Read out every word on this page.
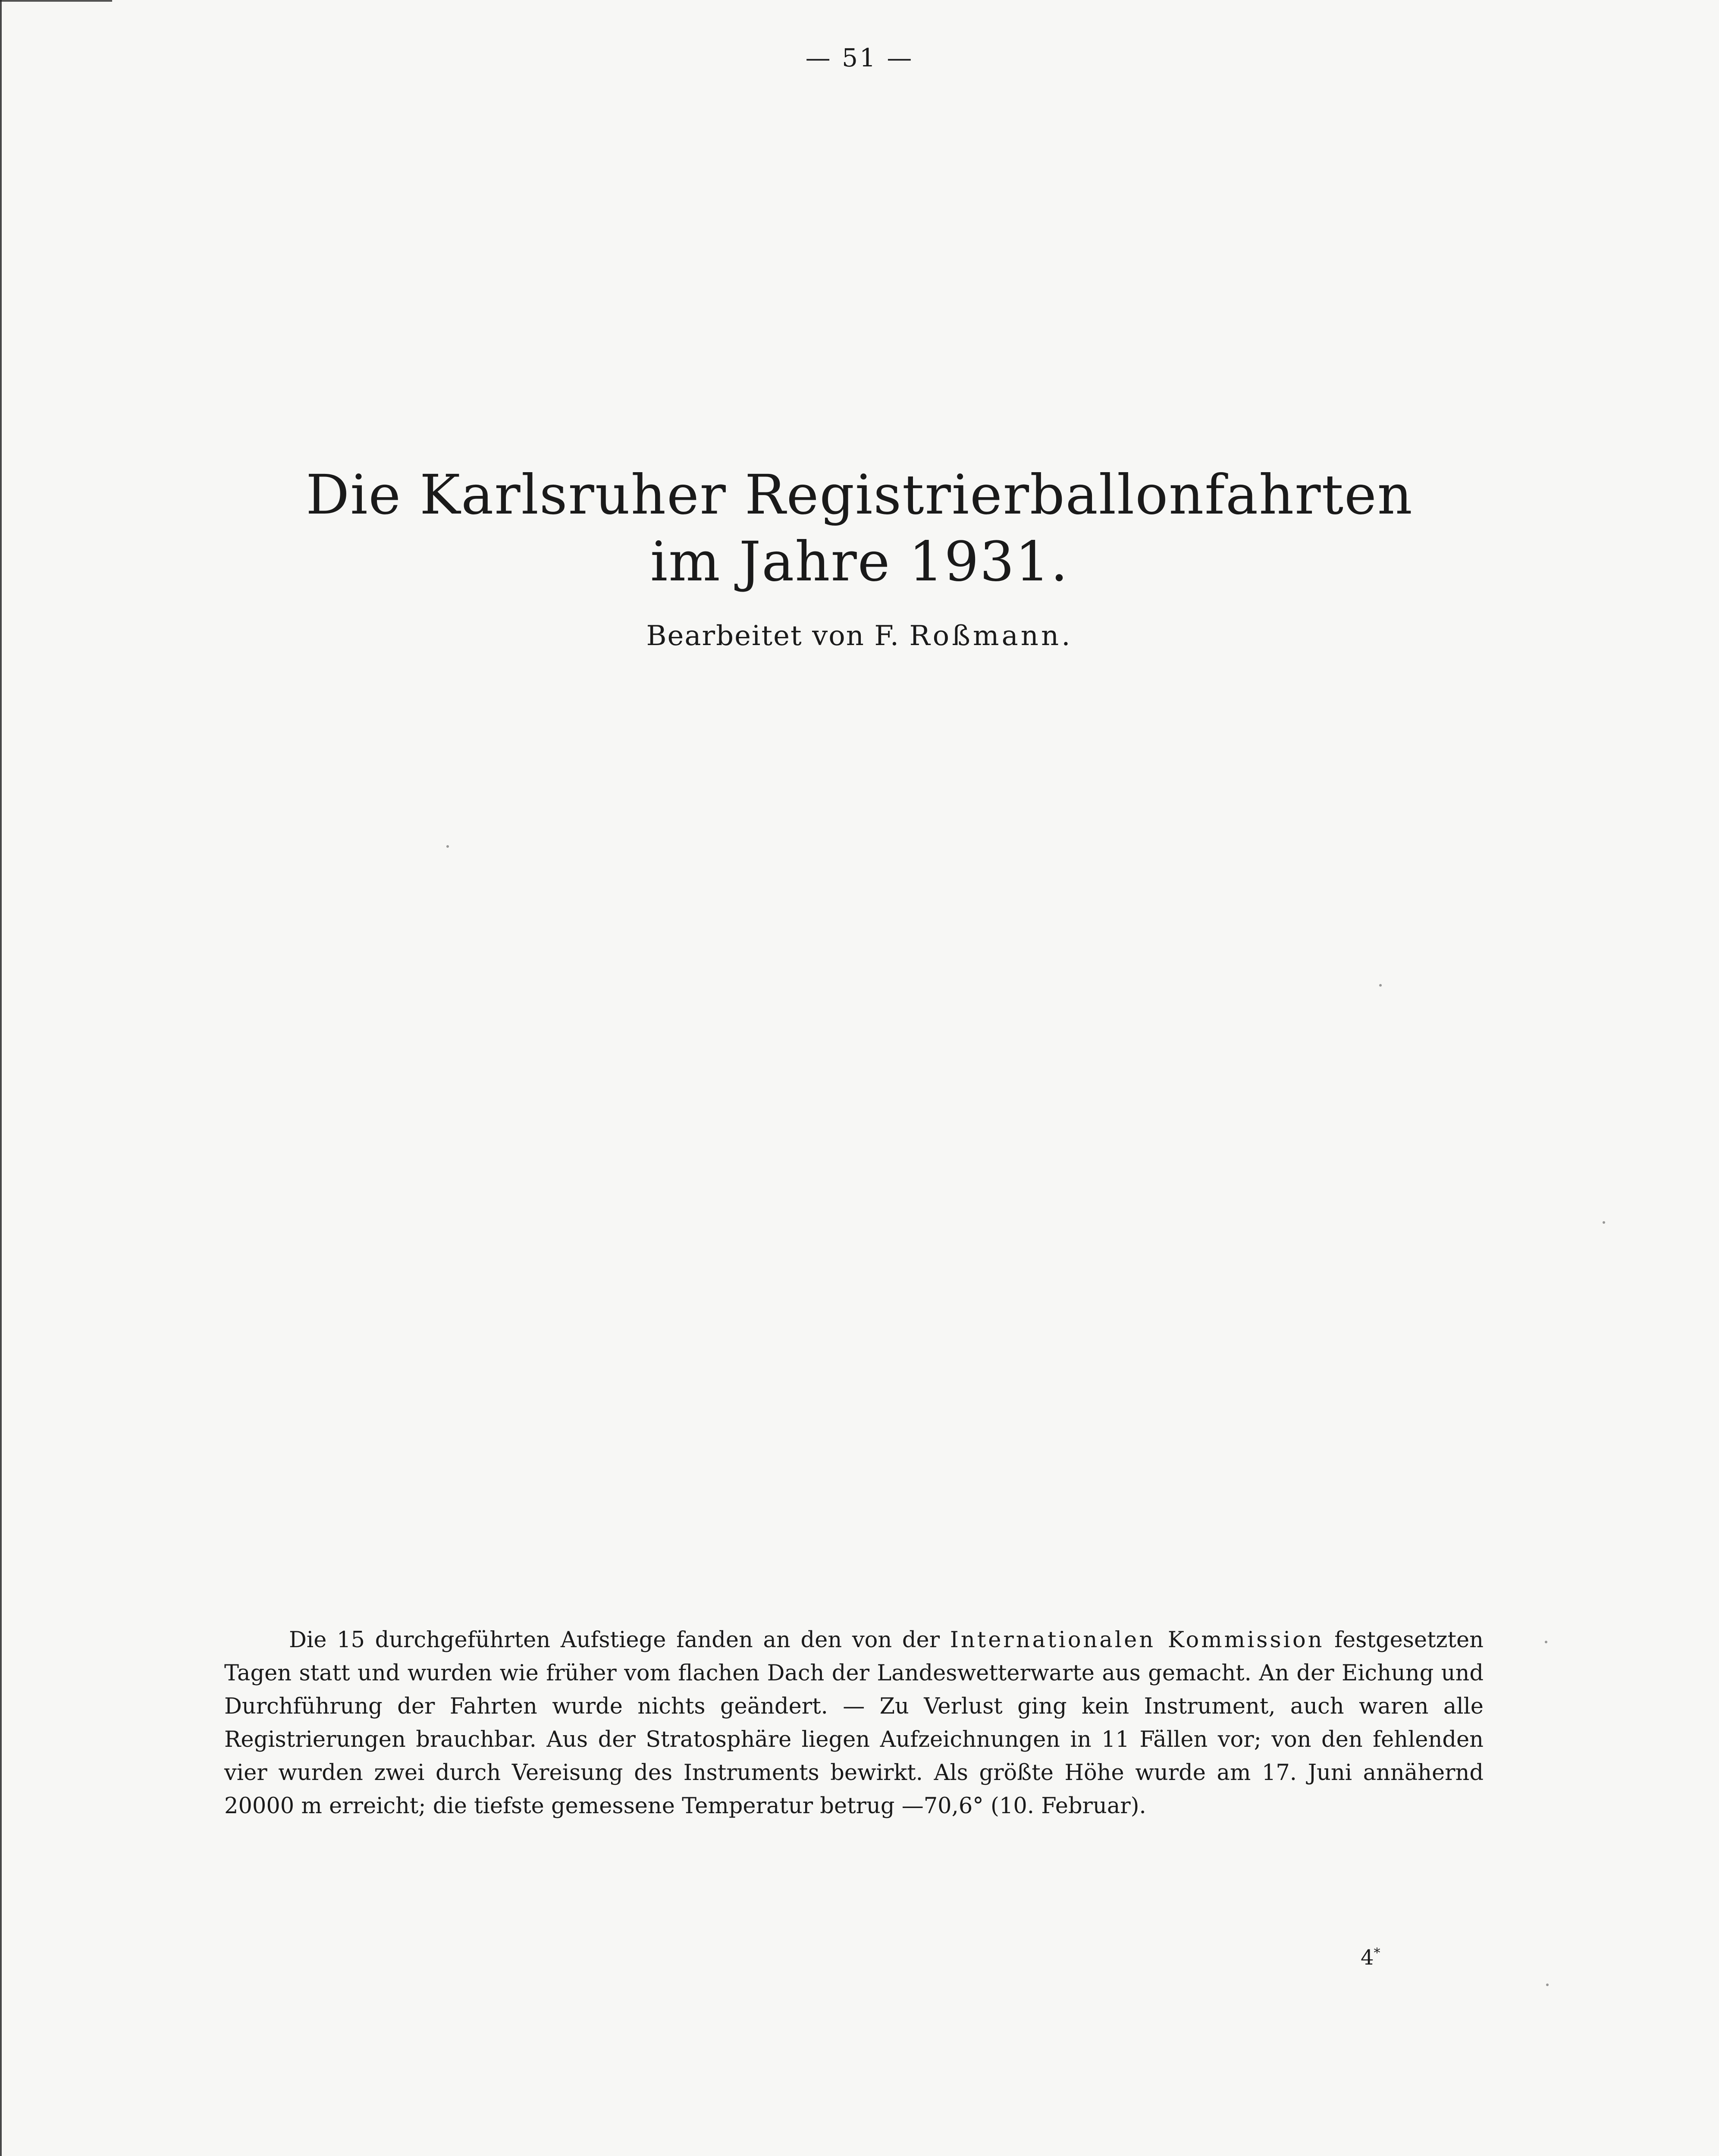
— 51 —
Die Karlsruher Registrierballonfahrten
im Jahre 1931.
Bearbeitet von F. Roßmann.
Die 15 durchgeführten Aufstiege fanden an den von der Internationalen Kommission festgesetzten Tagen statt und wurden wie früher vom flachen Dach der Landeswetterwarte aus gemacht. An der Eichung und Durchführung der Fahrten wurde nichts geändert. — Zu Verlust ging kein Instrument, auch waren alle Registrierungen brauchbar. Aus der Stratosphäre liegen Aufzeichnungen in 11 Fällen vor; von den fehlenden vier wurden zwei durch Vereisung des Instruments bewirkt. Als größte Höhe wurde am 17. Juni annähernd 20000 m erreicht; die tiefste gemessene Temperatur betrug —70,6° (10. Februar).
4*
